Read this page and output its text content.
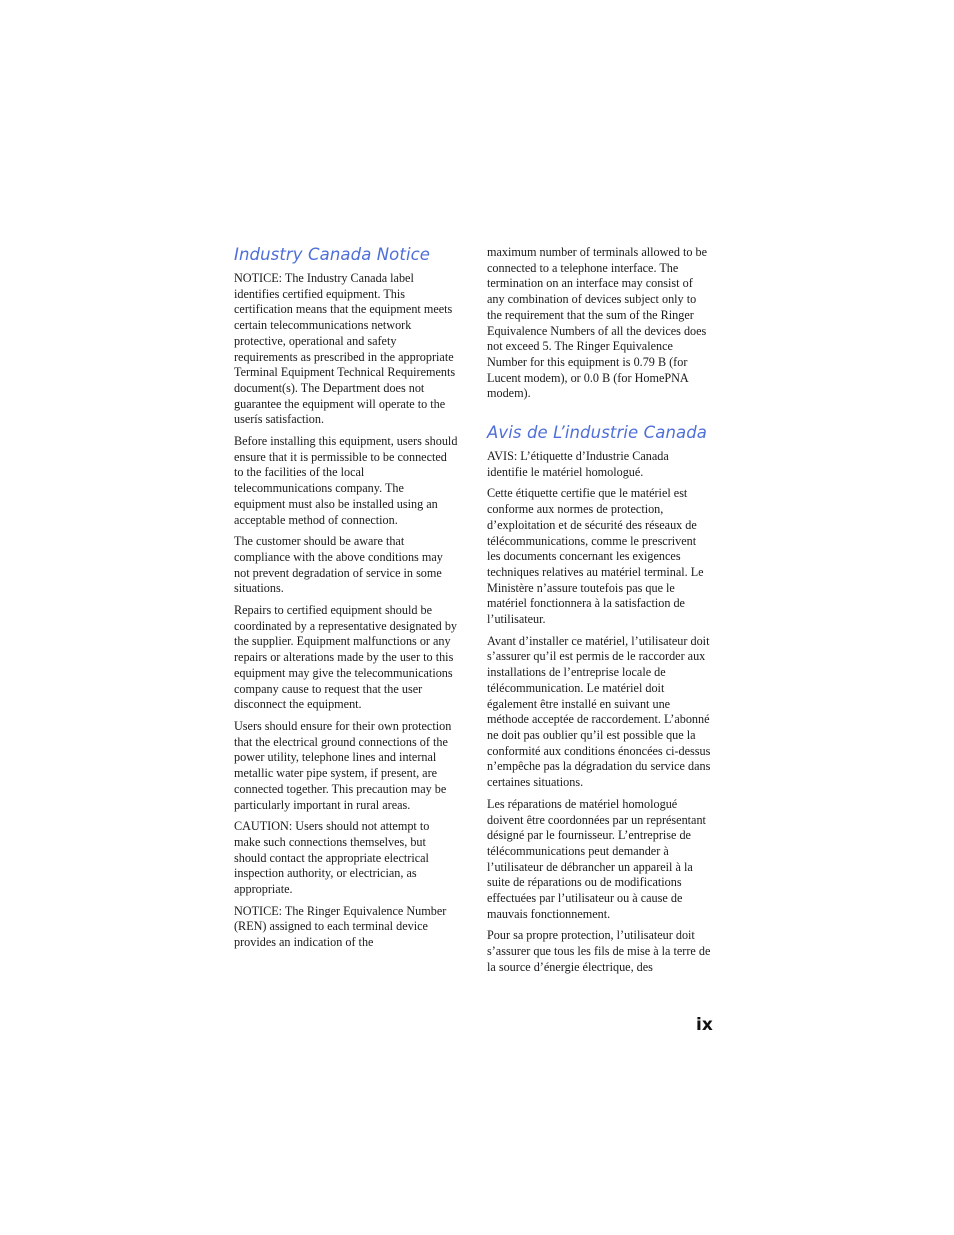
Industry Canada Notice

NOTICE: The Industry Canada label identifies certified equipment. This certification means that the equipment meets certain telecommunications network protective, operational and safety requirements as prescribed in the appropriate Terminal Equipment Technical Requirements document(s). The Department does not guarantee the equipment will operate to the userís satisfaction.

Before installing this equipment, users should ensure that it is permissible to be connected to the facilities of the local telecommunications company. The equipment must also be installed using an acceptable method of connection.

The customer should be aware that compliance with the above conditions may not prevent degradation of service in some situations.

Repairs to certified equipment should be coordinated by a representative designated by the supplier. Equipment malfunctions or any repairs or alterations made by the user to this equipment may give the telecommunications company cause to request that the user disconnect the equipment.

Users should ensure for their own protection that the electrical ground connections of the power utility, telephone lines and internal metallic water pipe system, if present, are connected together. This precaution may be particularly important in rural areas.

CAUTION: Users should not attempt to make such connections themselves, but should contact the appropriate electrical inspection authority, or electrician, as appropriate.

NOTICE: The Ringer Equivalence Number (REN) assigned to each terminal device provides an indication of the

maximum number of terminals allowed to be connected to a telephone interface. The termination on an interface may consist of any combination of devices subject only to the requirement that the sum of the Ringer Equivalence Numbers of all the devices does not exceed 5. The Ringer Equivalence Number for this equipment is 0.79 B (for Lucent modem), or 0.0 B (for HomePNA modem).

Avis de L’industrie Canada

AVIS: L’étiquette d’Industrie Canada identifie le matériel homologué.

Cette étiquette certifie que le matériel est conforme aux normes de protection, d’exploitation et de sécurité des réseaux de télécommunications, comme le prescrivent les documents concernant les exigences techniques relatives au matériel terminal. Le Ministère n’assure toutefois pas que le matériel fonctionnera à la satisfaction de l’utilisateur.

Avant d’installer ce matériel, l’utilisateur doit s’assurer qu’il est permis de le raccorder aux installations de l’entreprise locale de télécommunication. Le matériel doit également être installé en suivant une méthode acceptée de raccordement. L’abonné ne doit pas oublier qu’il est possible que la conformité aux conditions énoncées ci-dessus n’empêche pas la dégradation du service dans certaines situations.

Les réparations de matériel homologué doivent être coordonnées par un représentant désigné par le fournisseur. L’entreprise de télécommunications peut demander à l’utilisateur de débrancher un appareil à la suite de réparations ou de modifications effectuées par l’utilisateur ou à cause de mauvais fonctionnement.

Pour sa propre protection, l’utilisateur doit s’assurer que tous les fils de mise à la terre de la source d’énergie électrique, des

ix
